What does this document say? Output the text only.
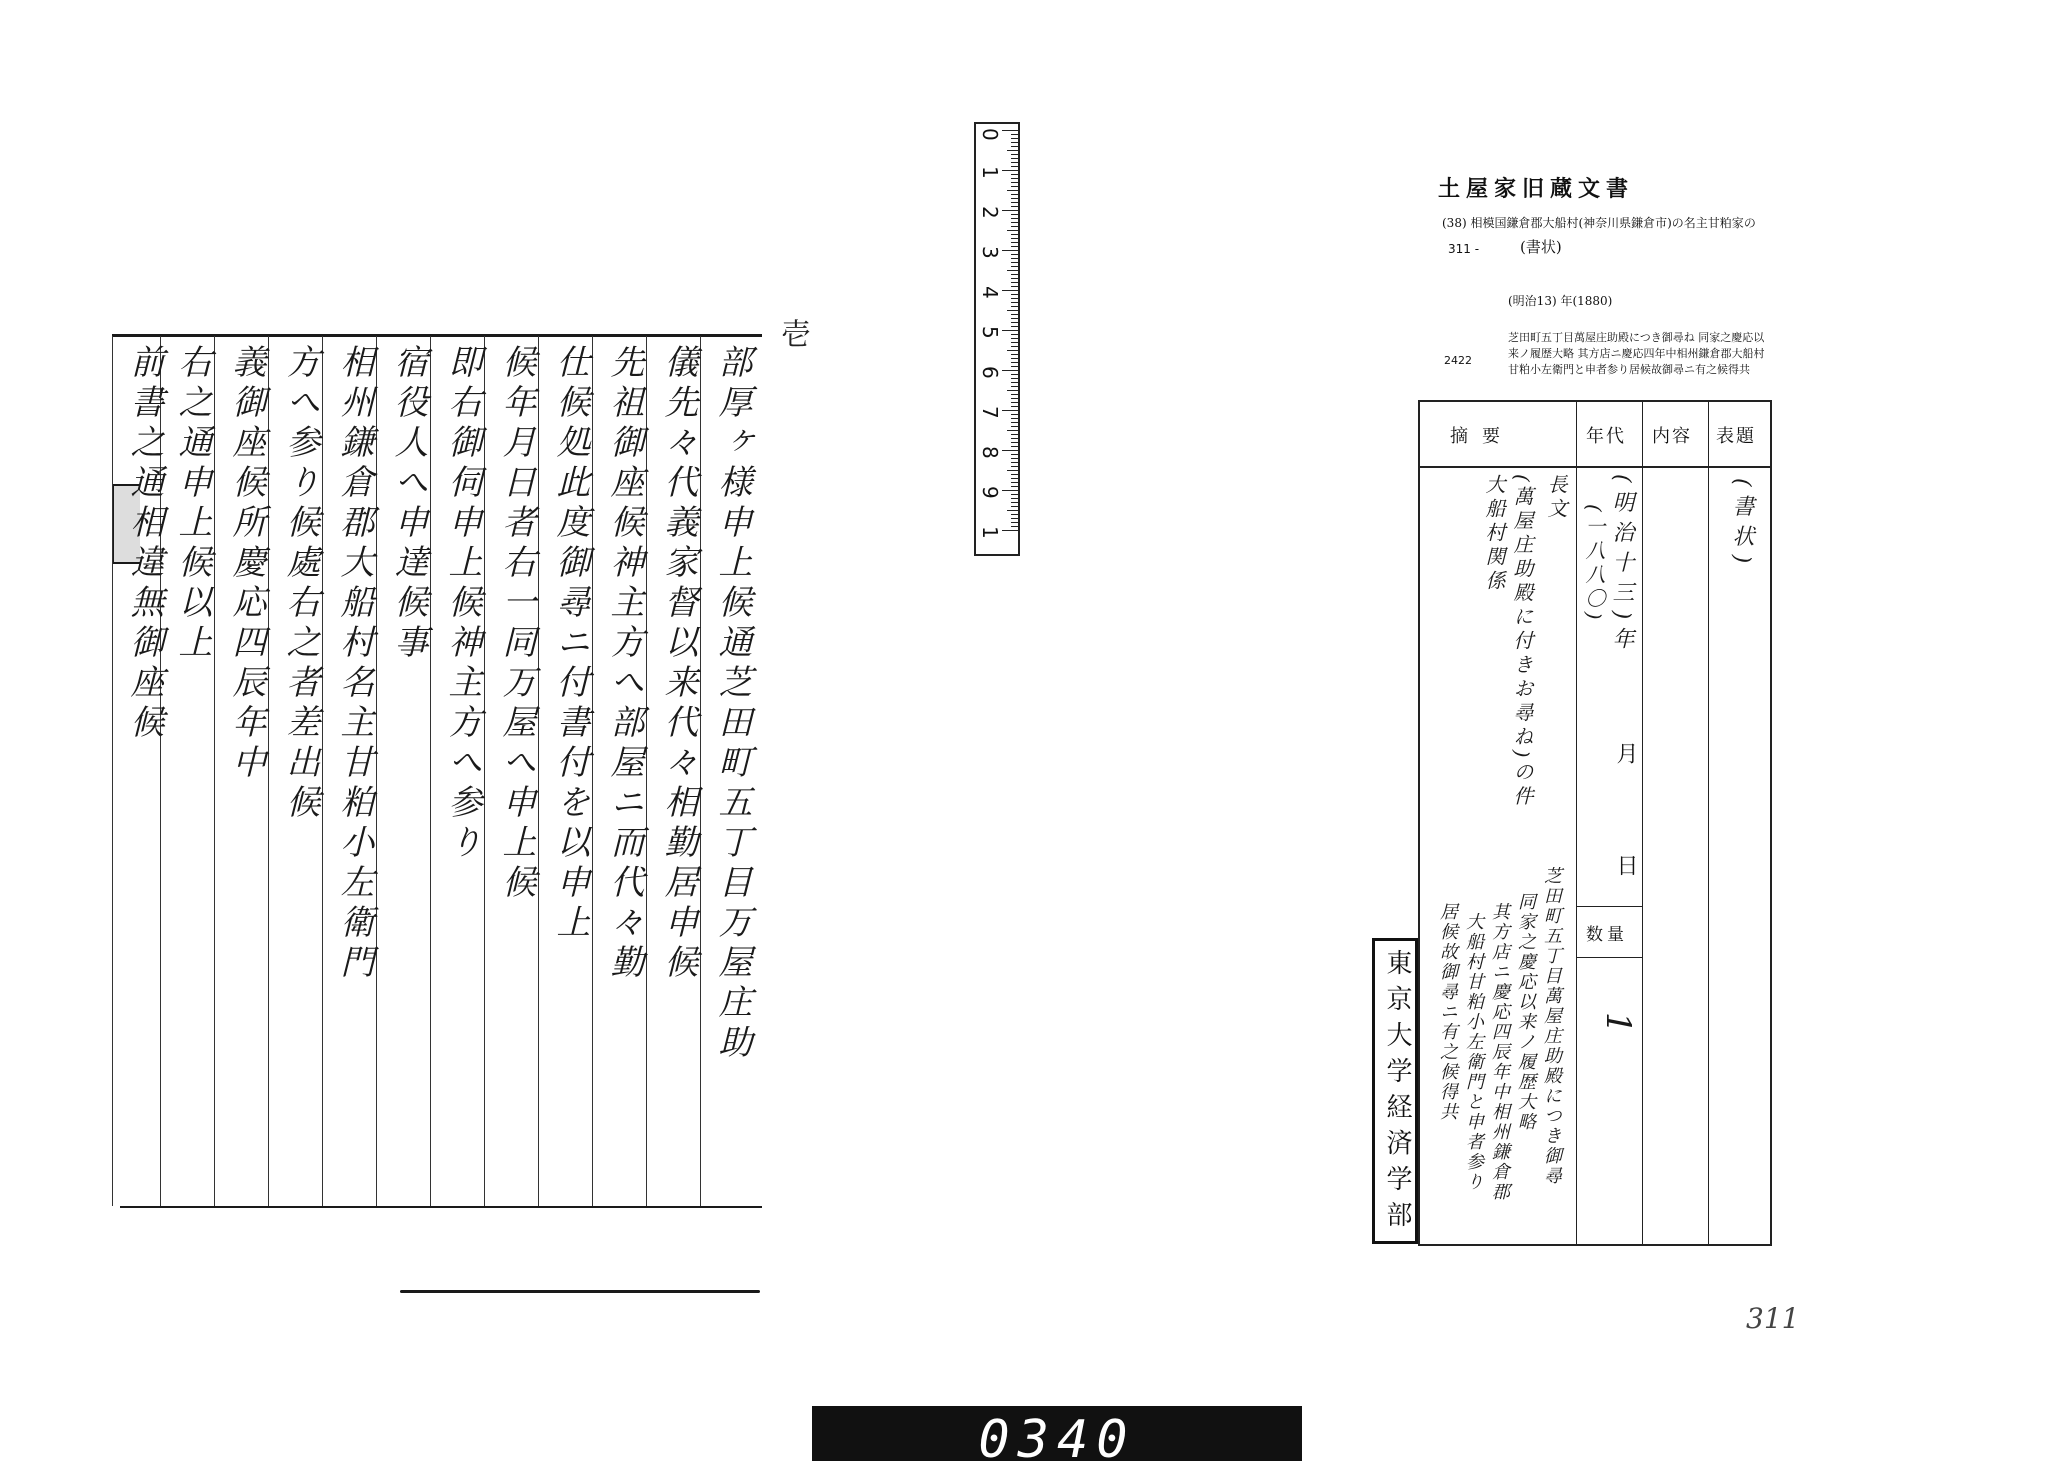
壱
部厚ヶ様申上候通芝田町五丁目万屋庄助
儀先々代義家督以来代々相勤居申候
先祖御座候神主方へ部屋ニ而代々勤
仕候処此度御尋ニ付書付を以申上
候年月日者右一同万屋へ申上候
即右御伺申上候神主方へ参り
宿役人へ申達候事
相州鎌倉郡大船村名主甘粕小左衛門
方へ参り候處右之者差出候
義御座候所慶応四辰年中
右之通申上候以上
前書之通相違無御座候
0
1
2
3
4
5
6
7
8
9
1
土屋家旧蔵文書
(38) 相模国鎌倉郡大船村(神奈川県鎌倉市)の名主甘粕家の
311 -	(書状)
(明治13) 年(1880)
2422
芝田町五丁目萬屋庄助殿につき御尋ね 同家之慶応以来ノ履歴大略 其方店ニ慶応四年中相州鎌倉郡大船村甘粕小左衛門と申者参り居候故御尋ニ有之候得共
摘要	年代 内容 表題
数量
(書状)
(明治十三)年
(一八八〇)
月
日
1
長文
(萬屋庄助殿に付きお尋ね)の件
大船村関係
芝田町五丁目萬屋庄助殿につき御尋
同家之慶応以来ノ履歴大略
其方店ニ慶応四辰年中相州鎌倉郡
大船村甘粕小左衛門と申者参り
居候故御尋ニ有之候得共
東京大学経済学部
311
0340
